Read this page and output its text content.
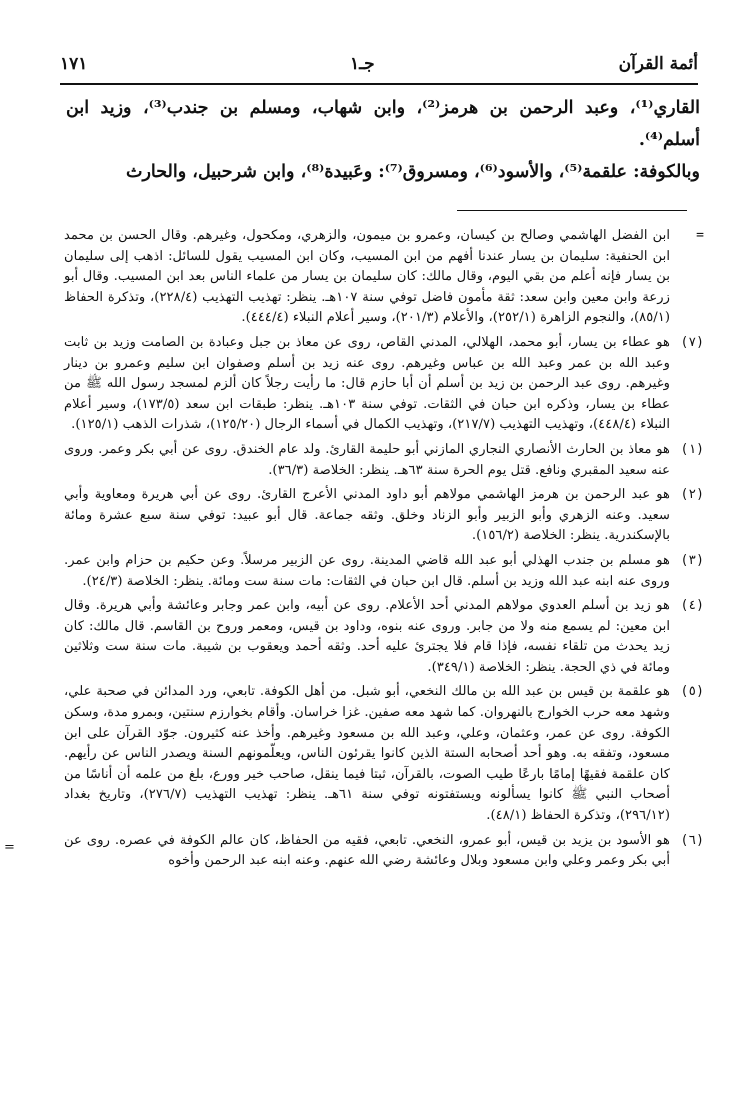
أئمة القرآن
جـ١
١٧١

القاري⁽¹⁾، وعبد الرحمن بن هرمز⁽²⁾، وابن شهاب، ومسلم بن جندب⁽³⁾، وزيد ابن أسلم⁽⁴⁾.

وبالكوفة: علقمة⁽⁵⁾، والأسود⁽⁶⁾، ومسروق⁽⁷⁾: وعَبيدة⁽⁸⁾، وابن شرحبيل، والحارث

=
ابن الفضل الهاشمي وصالح بن كيسان، وعمرو بن ميمون، والزهري، ومكحول، وغيرهم. وقال الحسن بن محمد ابن الحنفية: سليمان بن يسار عندنا أفهم من ابن المسيب، وكان ابن المسيب يقول للسائل: اذهب إلى سليمان بن يسار فإنه أعلم من بقي اليوم، وقال مالك: كان سليمان بن يسار من علماء الناس بعد ابن المسيب. وقال أبو زرعة وابن معين وابن سعد: ثقة مأمون فاضل توفي سنة ١٠٧هـ. ينظر: تهذيب التهذيب (٢٢٨/٤)، وتذكرة الحفاظ (٨٥/١)، والنجوم الزاهرة (٢٥٢/١)، والأعلام (٢٠١/٣)، وسير أعلام النبلاء (٤٤٤/٤).
(٧)
هو عطاء بن يسار، أبو محمد، الهلالي، المدني القاص، روى عن معاذ بن جبل وعبادة بن الصامت وزيد بن ثابت وعبد الله بن عمر وعبد الله بن عباس وغيرهم. روى عنه زيد بن أسلم وصفوان ابن سليم وعمرو بن دينار وغيرهم. روى عبد الرحمن بن زيد بن أسلم أن أبا حازم قال: ما رأيت رجلاً كان ألزم لمسجد رسول الله ﷺ من عطاء بن يسار، وذكره ابن حبان في الثقات. توفي سنة ١٠٣هـ. ينظر: طبقات ابن سعد (١٧٣/٥)، وسير أعلام النبلاء (٤٤٨/٤)، وتهذيب التهذيب (٢١٧/٧)، وتهذيب الكمال في أسماء الرجال (١٢٥/٢٠)، شذرات الذهب (١٢٥/١).
(١)
هو معاذ بن الحارث الأنصاري النجاري المازني أبو حليمة القارئ. ولد عام الخندق. روى عن أبي بكر وعمر. وروى عنه سعيد المقبري ونافع. قتل يوم الحرة سنة ٦٣هـ. ينظر: الخلاصة (٣٦/٣).
(٢)
هو عبد الرحمن بن هرمز الهاشمي مولاهم أبو داود المدني الأعرج القارئ. روى عن أبي هريرة ومعاوية وأبي سعيد. وعنه الزهري وأبو الزبير وأبو الزناد وخلق. وثقه جماعة. قال أبو عبيد: توفي سنة سبع عشرة ومائة بالإسكندرية. ينظر: الخلاصة (١٥٦/٢).
(٣)
هو مسلم بن جندب الهذلي أبو عبد الله قاضي المدينة. روى عن الزبير مرسلاً. وعن حكيم بن حزام وابن عمر. وروى عنه ابنه عبد الله وزيد بن أسلم. قال ابن حبان في الثقات: مات سنة ست ومائة. ينظر: الخلاصة (٢٤/٣).
(٤)
هو زيد بن أسلم العدوي مولاهم المدني أحد الأعلام. روى عن أبيه، وابن عمر وجابر وعائشة وأبي هريرة. وقال ابن معين: لم يسمع منه ولا من جابر. وروى عنه بنوه، وداود بن قيس، ومعمر وروح بن القاسم. قال مالك: كان زيد يحدث من تلقاء نفسه، فإذا قام فلا يجترئ عليه أحد. وثقه أحمد ويعقوب بن شيبة. مات سنة ست وثلاثين ومائة في ذي الحجة. ينظر: الخلاصة (٣٤٩/١).
(٥)
هو علقمة بن قيس بن عبد الله بن مالك النخعي، أبو شبل. من أهل الكوفة. تابعي، ورد المدائن في صحبة علي، وشهد معه حرب الخوارج بالنهروان. كما شهد معه صفين. غزا خراسان. وأقام بخوارزم سنتين، وبمرو مدة، وسكن الكوفة. روى عن عمر، وعثمان، وعلي، وعبد الله بن مسعود وغيرهم. وأخذ عنه كثيرون. جوّد القرآن على ابن مسعود، وتفقه به. وهو أحد أصحابه الستة الذين كانوا يقرئون الناس، ويعلّمونهم السنة ويصدر الناس عن رأيهم. كان علقمة فقيهًا إمامًا بارعًا طيب الصوت، بالقرآن، ثبتا فيما ينقل، صاحب خير وورع، بلغ من علمه أن أناسًا من أصحاب النبي ﷺ كانوا يسألونه ويستفتونه توفي سنة ٦١هـ. ينظر: تهذيب التهذيب (٢٧٦/٧)، وتاريخ بغداد (٢٩٦/١٢)، وتذكرة الحفاظ (٤٨/١).
(٦)
هو الأسود بن يزيد بن قيس، أبو عمرو، النخعي. تابعي، فقيه من الحفاظ، كان عالم الكوفة في عصره. روى عن أبي بكر وعمر وعلي وابن مسعود وبلال وعائشة رضي الله عنهم. وعنه ابنه عبد الرحمن وأخوه
=
